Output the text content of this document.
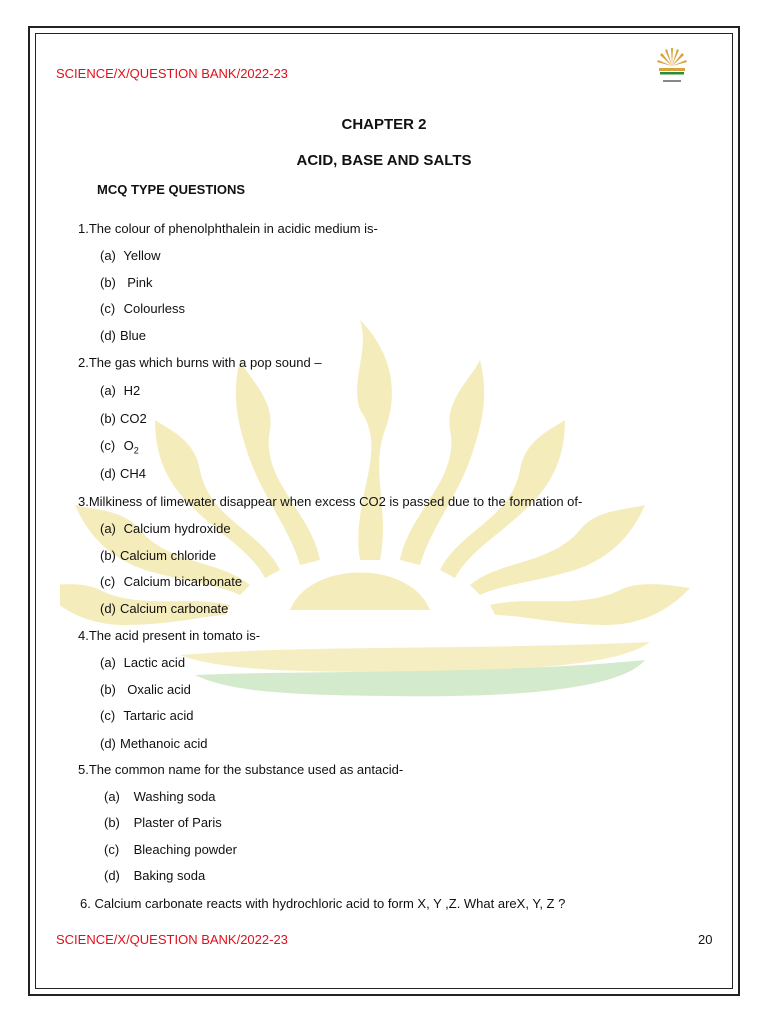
SCIENCE/X/QUESTION BANK/2022-23
CHAPTER 2
ACID, BASE AND SALTS
MCQ TYPE QUESTIONS
1.The colour of phenolphthalein in acidic medium is-
(a) Yellow
(b) Pink
(c) Colourless
(d) Blue
2.The gas which burns with a pop sound –
(a) H2
(b) CO2
(c) $O_2$
(d) CH4
3.Milkiness of limewater disappear when excess CO2 is passed due to the formation of-
(a) Calcium hydroxide
(b) Calcium chloride
(c) Calcium bicarbonate
(d) Calcium carbonate
4.The acid present in tomato is-
(a) Lactic acid
(b) Oxalic acid
(c) Tartaric acid
(d) Methanoic acid
5.The common name for the substance used as antacid-
(a) Washing soda
(b) Plaster of Paris
(c) Bleaching powder
(d) Baking soda
6. Calcium carbonate reacts with hydrochloric acid to form X, Y ,Z. What areX, Y, Z ?
SCIENCE/X/QUESTION BANK/2022-23	20
